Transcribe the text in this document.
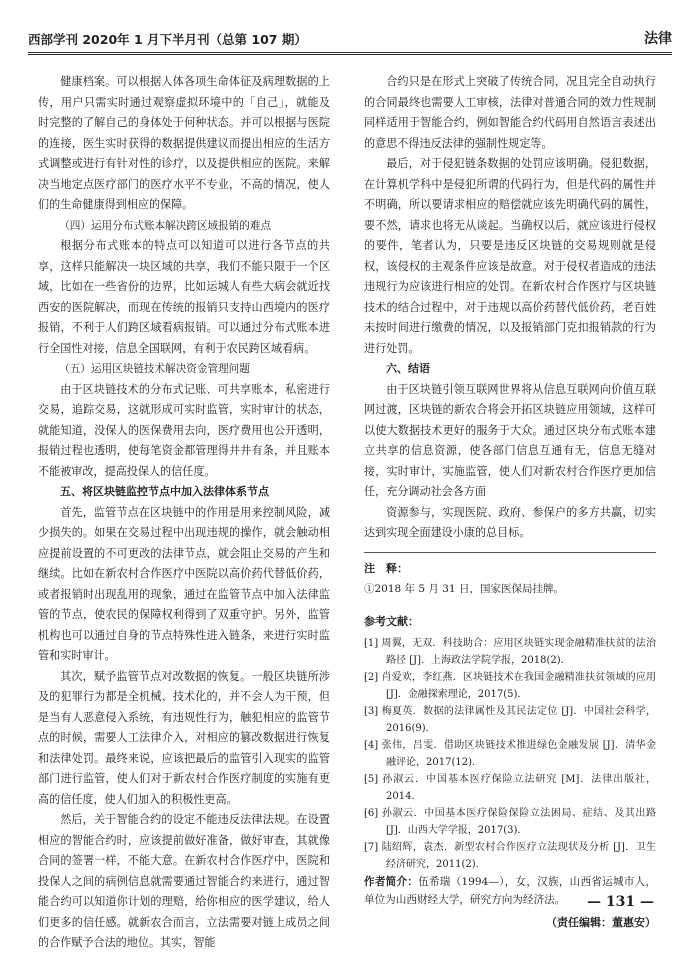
西部学刊 2020年 1 月下半月刊（总第 107 期）	法律

健康档案。可以根据人体各项生命体征及病理数据的上传，用户只需实时通过观察虚拟环境中的「自己」，就能及时完整的了解自己的身体处于何种状态。并可以根据与医院的连接，医生实时获得的数据提供建议而提出相应的生活方式调整或进行有针对性的诊疗，以及提供相应的医院。来解决当地定点医疗部门的医疗水平不专业，不高的情况，使人们的生命健康得到相应的保障。

（四）运用分布式账本解决跨区域报销的难点

根据分布式账本的特点可以知道可以进行各节点的共享，这样只能解决一块区域的共享，我们不能只限于一个区域，比如在一些省份的边界，比如运城人有些大病会就近找西安的医院解决，而现在传统的报销只支持山西境内的医疗报销，不利于人们跨区域看病报销。可以通过分布式账本进行全国性对接，信息全国联网，有利于农民跨区域看病。

（五）运用区块链技术解决资金管理问题

由于区块链技术的分布式记账、可共享账本，私密进行交易，追踪交易，这就形成可实时监管，实时审计的状态，就能知道，没保人的医保费用去向，医疗费用也公开透明，报销过程也透明，使每笔资金都管理得井井有条，并且账本不能被审改，提高投保人的信任度。

五、将区块链监控节点中加入法律体系节点

首先，监管节点在区块链中的作用是用来控制风险，减少损失的。如果在交易过程中出现违规的操作，就会触动相应提前设置的不可更改的法律节点，就会阻止交易的产生和继续。比如在新农村合作医疗中医院以高价药代替低价药，或者报销时出现乱用的现象，通过在监管节点中加入法律监管的节点，使农民的保障权利得到了双重守护。另外，监管机构也可以通过自身的节点特殊性进入链条，来进行实时监管和实时审计。

其次，赋予监管节点对改数据的恢复。一般区块链所涉及的犯罪行为都是全机械、技术化的，并不会人为干预，但是当有人恶意侵入系统，有违规性行为，触犯相应的监管节点的时候，需要人工法律介入，对相应的篡改数据进行恢复和法律处罚。最终来说，应该把最后的监管引入现实的监管部门进行监管，使人们对于新农村合作医疗制度的实施有更高的信任度，使人们加入的积极性更高。

然后，关于智能合约的设定不能违反法律法规。在设置相应的智能合约时，应该提前做好准备，做好审查，其就像合同的签署一样，不能大意。在新农村合作医疗中，医院和投保人之间的病例信息就需要通过智能合约来进行，通过智能合约可以知道你计划的理赔，给你相应的医学建议，给人们更多的信任感。就新农合而言，立法需要对链上成员之间的合作赋予合法的地位。其实，智能

合约只是在形式上突破了传统合同，况且完全自动执行的合同最终也需要人工审核，法律对普通合同的效力性规制同样适用于智能合约，例如智能合约代码用自然语言表述出的意思不得违反法律的强制性规定等。

最后，对于侵犯链条数据的处罚应该明确。侵犯数据，在计算机学科中是侵犯所谓的代码行为，但是代码的属性并不明确，所以要请求相应的赔偿就应该先明确代码的属性，要不然，请求也将无从谈起。当确权以后，就应该进行侵权的要件，笔者认为，只要是违反区块链的交易规则就是侵权，该侵权的主观条件应该是故意。对于侵权者造成的违法违规行为应该进行相应的处罚。在新农村合作医疗与区块链技术的结合过程中，对于违规以高价药替代低价药，老百姓未按时间进行缴费的情况，以及报销部门克扣报销款的行为进行处罚。

六、结语

由于区块链引领互联网世界将从信息互联网向价值互联网过渡，区块链的新农合将会开拓区块链应用领域，这样可以使大数据技术更好的服务于大众。通过区块分布式账本建立共享的信息资源，使各部门信息互通有无，信息无缝对接，实时审计，实施监管，使人们对新农村合作医疗更加信任，充分调动社会各方面

资源参与，实现医院、政府、参保户的多方共赢，切实达到实现全面建设小康的总目标。

注　释：

①2018 年 5 月 31 日，国家医保局挂牌。

参考文献：

[1] 周翼，无双．科技助合：应用区块链实现金融精准扶贫的法治路径 [J]．上海政法学院学报，2018(2)．

[2] 肖爱欢，李红燕．区块链技术在我国金融精准扶贫领域的应用 [J]．金融探索理论，2017(5)．

[3] 梅夏英．数据的法律属性及其民法定位 [J]．中国社会科学，2016(9)．

[4] 张伟，吕雯．借助区块链技术推进绿色金融发展 [J]．清华金融评论，2017(12)．

[5] 孙淑云．中国基本医疗保险立法研究 [M]．法律出版社，2014．

[6] 孙淑云．中国基本医疗保险保险立法困局、症结、及其出路 [J]．山西大学学报，2017(3)．

[7] 陆绍辉，袁杰．新型农村合作医疗立法现状及分析 [J]．卫生经济研究，2011(2)．

作者简介：伍希瑞（1994—），女，汉族，山西省运城市人，单位为山西财经大学，研究方向为经济法。

（责任编辑：董惠安）
— 131 —
